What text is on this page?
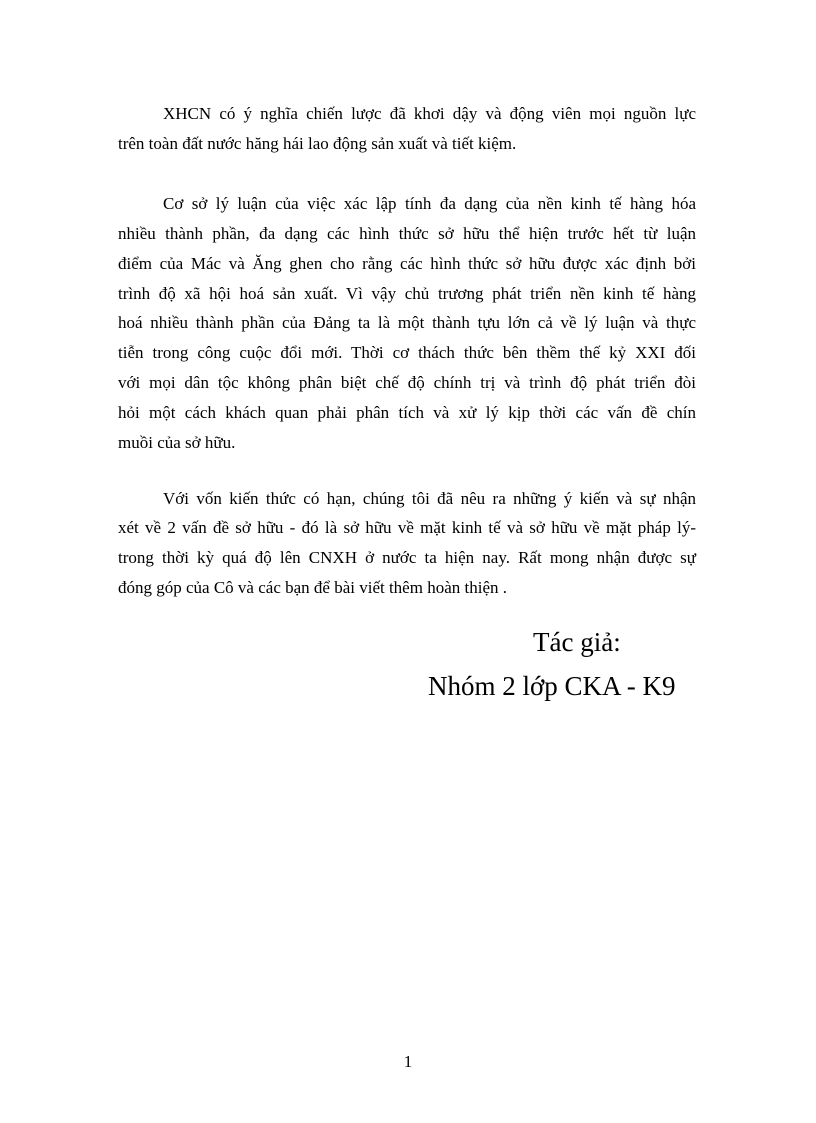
XHCN có ý nghĩa chiến lược đã khơi dậy và động viên mọi nguồn lực
trên toàn đất nước hăng hái lao động sản xuất và tiết kiệm.
Cơ sở lý luận của việc xác lập tính đa dạng của nền kinh tế hàng hóa
nhiều thành phần, đa dạng các hình thức sở hữu thể hiện trước hết từ luận
điểm của Mác và Ăng ghen cho rằng các hình thức sở hữu được xác định bởi
trình độ xã hội hoá sản xuất. Vì vậy chủ trương phát triển nền kinh tế hàng
hoá nhiều thành phần của Đảng ta là một thành tựu lớn cả về lý luận và thực
tiễn trong công cuộc đổi mới. Thời cơ thách thức bên thềm thế kỷ XXI đối
với mọi dân tộc không phân biệt chế độ chính trị và trình độ phát triển đòi
hỏi một cách khách quan phải phân tích và xử lý kịp thời các vấn đề chín
muồi của sở hữu.
Với vốn kiến thức có hạn, chúng tôi đã nêu ra những ý kiến và sự nhận
xét về 2 vấn đề sở hữu - đó là sở hữu về mặt kinh tế và sở hữu về mặt pháp lý-
trong thời kỳ quá độ lên CNXH ở nước ta hiện nay. Rất mong nhận được sự
đóng góp của Cô và các bạn để bài viết thêm hoàn thiện .
Tác giả:
Nhóm 2 lớp CKA - K9
1
